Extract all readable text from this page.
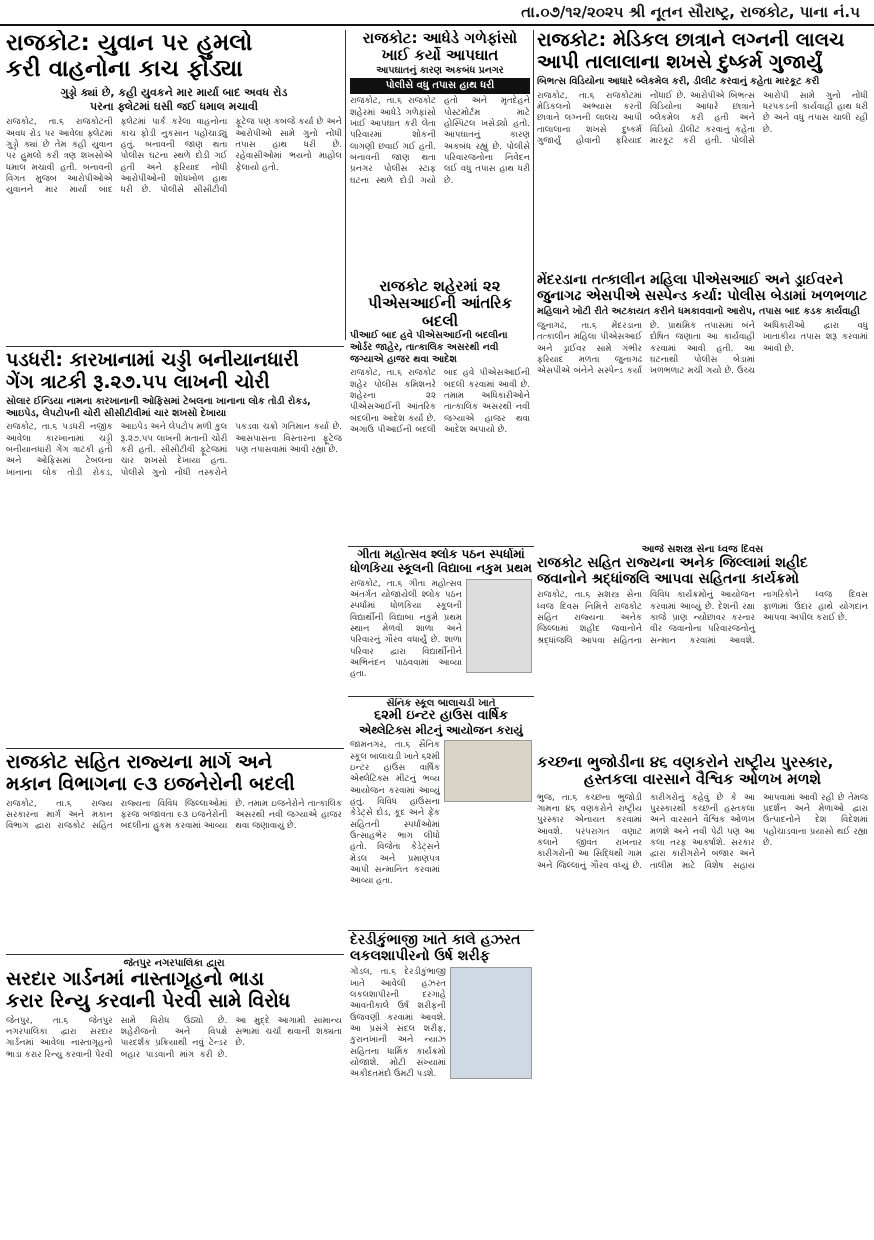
તા.૦૭/૧૨/૨૦૨૫ શ્રી નૂતન સૌરાષ્ટ્ર, રાજકોટ, પાના નં.૫
રાજકોટ: યુવાન પર હુમલો
કરી વાહનોના કાચ ફોડ્યા
ગુડ્ડો ક્યાં છે, કહી યુવકને માર માર્યા બાદ અવધ રોડ
પરના ફ્લેટમાં ઘસી જઈ ધમાલ મચાવી
રાજકોટ, તા.૬ રાજકોટની અવધ રોડ પર આવેલા ફ્લેટમાં ગુડ્ડો ક્યાં છે તેમ કહી યુવાન પર હુમલો કરી ત્રણ શખસોએ ધમાલ મચાવી હતી. બનાવની વિગત મુજબ આરોપીઓએ યુવાનને માર માર્યા બાદ ફ્લેટમાં પાર્ક કરેલા વાહનોના કાચ ફોડી નુકસાન પહોંચાડ્યું હતું. બનાવની જાણ થતા પોલીસ ઘટના સ્થળે દોડી ગઈ હતી અને ફરિયાદ નોંધી આરોપીઓની શોધખોળ હાથ ધરી છે. પોલીસે સીસીટીવી ફૂટેજ પણ કબજે કર્યા છે અને આરોપીઓ સામે ગુનો નોંધી તપાસ હાથ ધરી છે. રહેવાસીઓમાં ભયનો માહોલ ફેલાયો હતો.
રાજકોટ: આધેડે ગળેફાંસો
ખાઈ કર્યો આપઘાત
આપઘાતનું કારણ અકબંધ પ્રનગર
પોલીસે વધુ તપાસ હાથ ધરી
રાજકોટ, તા.૬ રાજકોટ શહેરમાં આધેડે ગળેફાંસો ખાઈ આપઘાત કરી લેતા પરિવારમાં શોકની લાગણી છવાઈ ગઈ હતી. બનાવની જાણ થતા પ્રનગર પોલીસ સ્ટાફ ઘટના સ્થળે દોડી ગયો હતો અને મૃતદેહને પોસ્ટમોર્ટમ માટે હોસ્પિટલ ખસેડ્યો હતો. આપઘાતનું કારણ અકબંધ રહ્યું છે. પોલીસે પરિવારજનોના નિવેદન લઈ વધુ તપાસ હાથ ધરી છે.
રાજકોટ: મેડિકલ છાત્રાને લગ્નની લાલચ
આપી તાલાલાના શખસે દુષ્કર્મ ગુજાર્યું
બિભત્સ વિડિયોના આધારે બ્લેકમેલ કરી, ડીલીટ કરવાનું કહેતા મારકૂટ કરી
રાજકોટ, તા.૬ રાજકોટમાં મેડિકલનો અભ્યાસ કરતી છાત્રાને લગ્નની લાલચ આપી તાલાલાના શખસે દુષ્કર્મ ગુજાર્યું હોવાની ફરિયાદ નોંધાઈ છે. આરોપીએ બિભત્સ વિડિયોના આધારે છાત્રાને બ્લેકમેલ કરી હતી અને વિડિયો ડીલીટ કરવાનું કહેતા મારકૂટ કરી હતી. પોલીસે આરોપી સામે ગુનો નોંધી ધરપકડની કાર્યવાહી હાથ ધરી છે અને વધુ તપાસ ચાલી રહી છે.
રાજકોટ શહેરમાં ૨૨
પીએસઆઈની આંતરિક બદલી
પીઆઈ બાદ હવે પીએસઆઈની બદલીના ઓર્ડર જાહેર, તાત્કાલિક અસરથી નવી જગ્યાએ હાજર થવા આદેશ
રાજકોટ, તા.૬ રાજકોટ શહેર પોલીસ કમિશનરે શહેરના ૨૨ પીએસઆઈની આંતરિક બદલીના આદેશ કર્યા છે. અગાઉ પીઆઈની બદલી બાદ હવે પીએસઆઈની બદલી કરવામાં આવી છે. તમામ અધિકારીઓને તાત્કાલિક અસરથી નવી જગ્યાએ હાજર થવા આદેશ અપાયો છે.
મેંદરડાના તત્કાલીન મહિલા પીએસઆઈ અને ડ્રાઈવરને
જુનાગઢ એસપીએ સસ્પેન્ડ કર્યા: પોલીસ બેડામાં ખળભળાટ
મહિલાને ખોટી રીતે અટકાયત કરીને ધમકાવવાનો આરોપ, તપાસ બાદ કડક કાર્યવાહી
જુનાગઢ, તા.૬ મેંદરડાના તત્કાલીન મહિલા પીએસઆઈ અને ડ્રાઈવર સામે ગંભીર ફરિયાદ મળતા જુનાગઢ એસપીએ બંનેને સસ્પેન્ડ કર્યા છે. પ્રાથમિક તપાસમાં બંને દોષિત જણાતા આ કાર્યવાહી કરવામાં આવી હતી. આ ઘટનાથી પોલીસ બેડામાં ખળભળાટ મચી ગયો છે. ઉચ્ચ અધિકારીઓ દ્વારા વધુ ખાતાકીય તપાસ શરૂ કરવામાં આવી છે.
પડધરી: કારખાનામાં ચડ્ડી બનીયાનધારી
ગેંગ ત્રાટકી રૂ.૨૭.૫૫ લાખની ચોરી
સોલાર ઈન્ડિયા નામના કારખાનાની ઓફિસમાં ટેબલના ખાનાના લોક તોડી રોકડ, આઇપેડ, લેપટોપની ચોરી સીસીટીવીમાં ચાર શખસો દેખાયા
રાજકોટ, તા.૬ પડધરી નજીક આવેલા કારખાનામાં ચડ્ડી બનીયાનધારી ગેંગ ત્રાટકી હતી અને ઓફિસમાં ટેબલના ખાનાના લોક તોડી રોકડ, આઇપેડ અને લેપટોપ મળી કુલ રૂ.૨૭.૫૫ લાખની મતાની ચોરી કરી હતી. સીસીટીવી ફૂટેજમાં ચાર શખસો દેખાયા હતા. પોલીસે ગુનો નોંધી તસ્કરોને પકડવા ચક્રો ગતિમાન કર્યા છે. આસપાસના વિસ્તારના ફૂટેજ પણ તપાસવામાં આવી રહ્યા છે.
ગીતા મહોત્સવ શ્લોક પઠન સ્પર્ધામાં
ધોળકિયા સ્કૂલની વિદ્યાબા નકુમ પ્રથમ
રાજકોટ, તા.૬ ગીતા મહોત્સવ અંતર્ગત યોજાયેલી શ્લોક પઠન સ્પર્ધામાં ધોળકિયા સ્કૂલની વિદ્યાર્થીની વિદ્યાબા નકુમે પ્રથમ સ્થાન મેળવી શાળા અને પરિવારનું ગૌરવ વધાર્યું છે. શાળા પરિવાર દ્વારા વિદ્યાર્થીનીને અભિનંદન પાઠવવામાં આવ્યા હતા.
આજે સશસ્ત્ર સેના ધ્વજ દિવસ
રાજકોટ સહિત રાજ્યના અનેક જિલ્લામાં શહીદ
જવાનોને શ્રદ્ધાંજલિ આપવા સહિતના કાર્યક્રમો
રાજકોટ, તા.૬ સશસ્ત્ર સેના ધ્વજ દિવસ નિમિત્તે રાજકોટ સહિત રાજ્યના અનેક જિલ્લામાં શહીદ જવાનોને શ્રદ્ધાંજલિ આપવા સહિતના વિવિધ કાર્યક્રમોનું આયોજન કરવામાં આવ્યું છે. દેશની રક્ષા કાજે પ્રાણ ન્યોછાવર કરનાર વીર જવાનોના પરિવારજનોનું સન્માન કરવામાં આવશે. નાગરિકોને ધ્વજ દિવસ ફાળામાં ઉદાર હાથે યોગદાન આપવા અપીલ કરાઈ છે.
રાજકોટ સહિત રાજ્યના માર્ગ અને
મકાન વિભાગના ૯૩ ઇજનેરોની બદલી
રાજકોટ, તા.૬ રાજ્ય સરકારના માર્ગ અને મકાન વિભાગ દ્વારા રાજકોટ સહિત રાજ્યના વિવિધ જિલ્લાઓમાં ફરજ બજાવતા ૯૩ ઇજનેરોની બદલીના હુકમ કરવામાં આવ્યા છે. તમામ ઇજનેરોને તાત્કાલિક અસરથી નવી જગ્યાએ હાજર થવા જણાવાયું છે.
સૈનિક સ્કૂલ બાલાચડી ખાતે
૬૨મી ઇન્ટર હાઉસ વાર્ષિક
એથ્લેટિક્સ મીટનું આયોજન કરાયું
જામનગર, તા.૬ સૈનિક સ્કૂલ બાલાચડી ખાતે ૬૨મી ઇન્ટર હાઉસ વાર્ષિક એથ્લેટિક્સ મીટનું ભવ્ય આયોજન કરવામાં આવ્યું હતું. વિવિધ હાઉસના કેડેટ્સે દોડ, કૂદ અને ફેંક સહિતની સ્પર્ધાઓમાં ઉત્સાહભેર ભાગ લીધો હતો. વિજેતા કેડેટ્સને મેડલ અને પ્રમાણપત્ર આપી સન્માનિત કરવામાં આવ્યા હતા.
કચ્છના ભુજોડીના ૪૬ વણકરોને રાષ્ટ્રીય પુરસ્કાર,
હસ્તકલા વારસાને વૈશ્વિક ઓળખ મળશે
ભુજ, તા.૬ કચ્છના ભુજોડી ગામના ૪૬ વણકરોને રાષ્ટ્રીય પુરસ્કાર એનાયત કરવામાં આવશે. પરંપરાગત વણાટ કલાને જીવંત રાખનાર કારીગરોની આ સિદ્ધિથી ગામ અને જિલ્લાનું ગૌરવ વધ્યું છે. કારીગરોનું કહેવું છે કે આ પુરસ્કારથી કચ્છની હસ્તકલા અને વારસાને વૈશ્વિક ઓળખ મળશે અને નવી પેઢી પણ આ કલા તરફ આકર્ષાશે. સરકાર દ્વારા કારીગરોને બજાર અને તાલીમ માટે વિશેષ સહાય આપવામાં આવી રહી છે તેમજ પ્રદર્શન અને મેળાઓ દ્વારા ઉત્પાદનોને દેશ વિદેશમાં પહોંચાડવાના પ્રયાસો થઈ રહ્યા છે.
જેતપુર નગરપાલિકા દ્વારા
સરદાર ગાર્ડનમાં નાસ્તાગૃહનો ભાડા
કરાર રિન્યુ કરવાની પેરવી સામે વિરોધ
જેતપુર, તા.૬ જેતપુર નગરપાલિકા દ્વારા સરદાર ગાર્ડનમાં આવેલા નાસ્તાગૃહનો ભાડા કરાર રિન્યુ કરવાની પેરવી સામે વિરોધ ઉઠ્યો છે. શહેરીજનો અને વિપક્ષે પારદર્શક પ્રક્રિયાથી નવું ટેન્ડર બહાર પાડવાની માંગ કરી છે. આ મુદ્દે આગામી સામાન્ય સભામાં ચર્ચા થવાની શક્યતા છે.
દેરડીકુંભાજી ખાતે કાલે હઝરત
લકલશાપીરનો ઉર્ષ શરીફ
ગોંડલ, તા.૬ દેરડીકુંભાજી ખાતે આવેલી હઝરત લકલશાપીરની દરગાહે આવતીકાલે ઉર્ષ શરીફની ઉજવણી કરવામાં આવશે. આ પ્રસંગે સંદલ શરીફ, કુરાનખાની અને ન્યાઝ સહિતના ધાર્મિક કાર્યક્રમો યોજાશે. મોટી સંખ્યામાં અકીદતમંદો ઉમટી પડશે.
